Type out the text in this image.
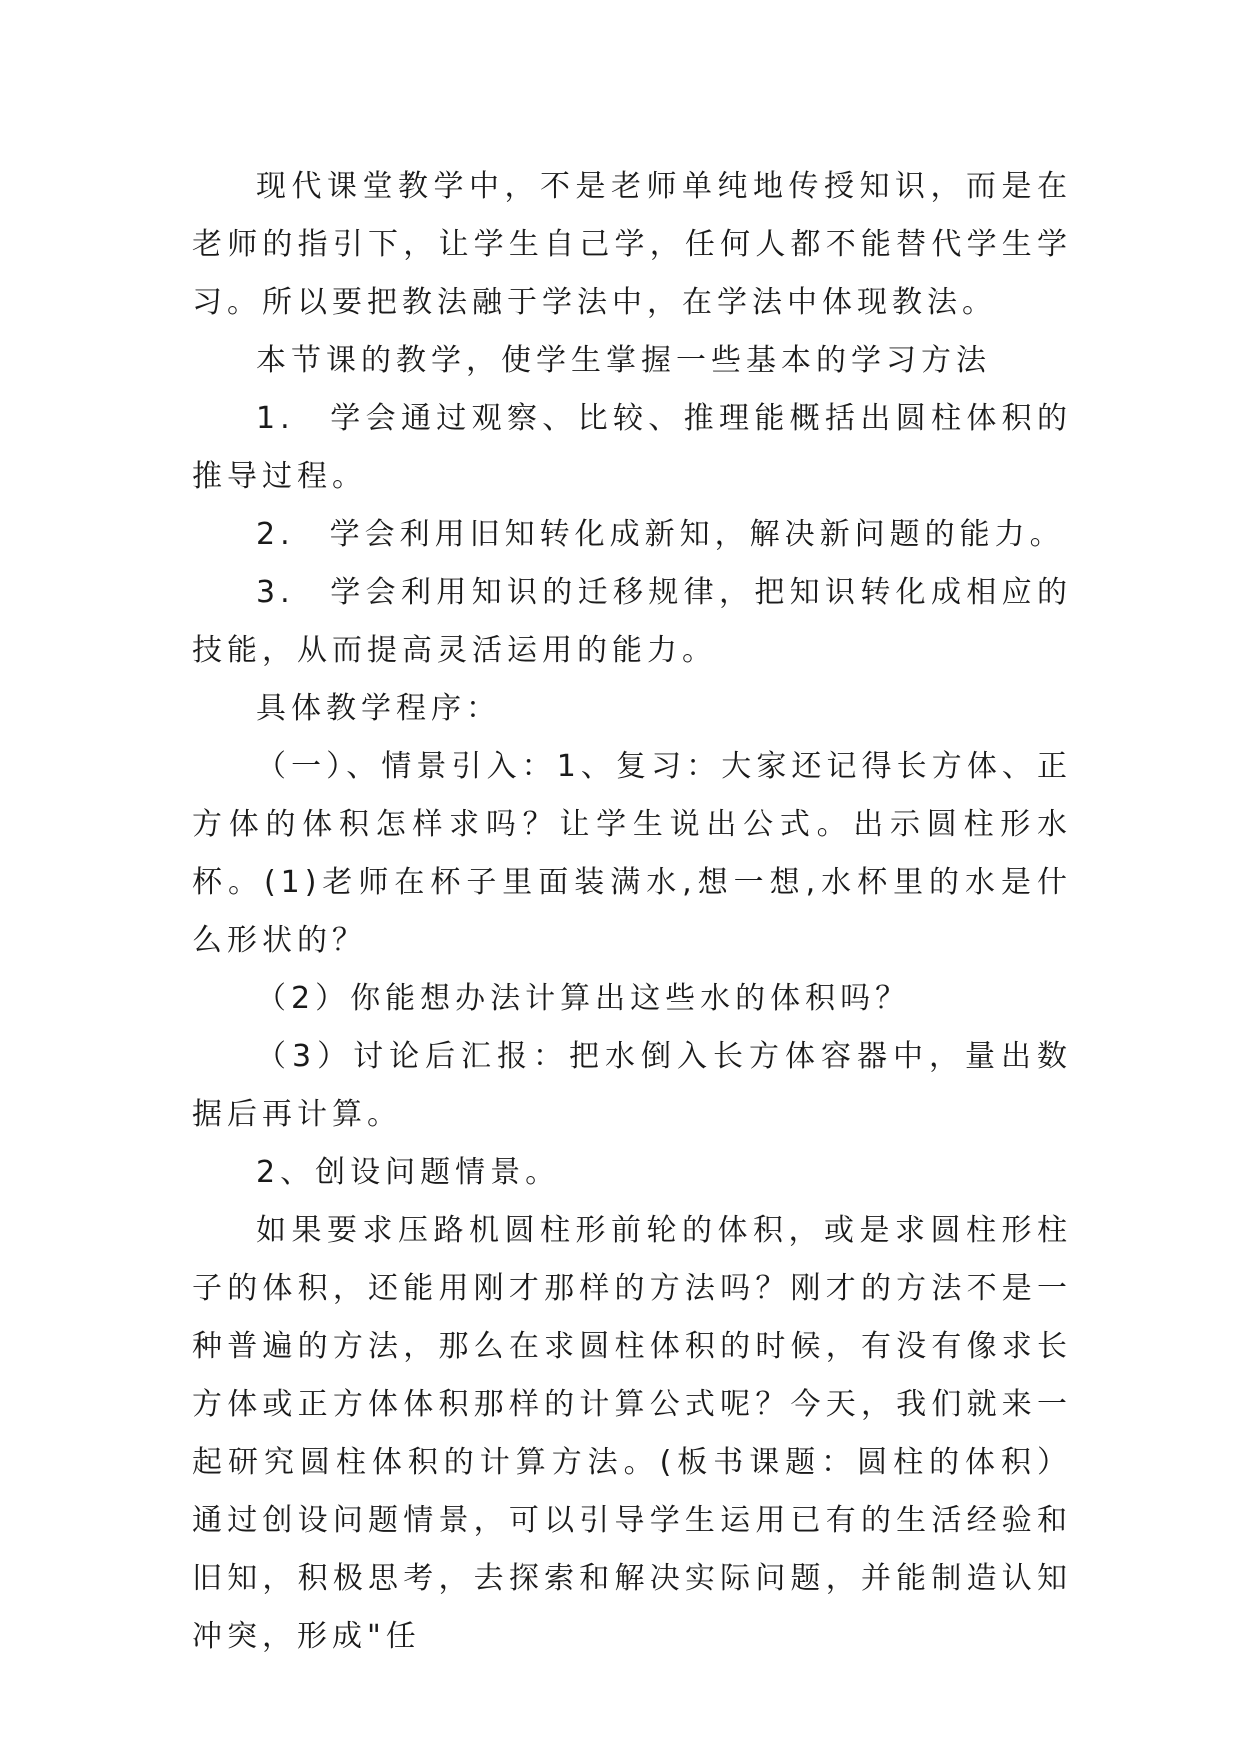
现代课堂教学中，不是老师单纯地传授知识，而是在老师的指引下，让学生自己学，任何人都不能替代学生学习。所以要把教法融于学法中，在学法中体现教法。

本节课的教学，使学生掌握一些基本的学习方法

1.　学会通过观察、比较、推理能概括出圆柱体积的推导过程。

2.　学会利用旧知转化成新知，解决新问题的能力。

3.　学会利用知识的迁移规律，把知识转化成相应的技能，从而提高灵活运用的能力。

具体教学程序：

（一）、情景引入：1、复习：大家还记得长方体、正方体的体积怎样求吗？让学生说出公式。出示圆柱形水杯。(1)老师在杯子里面装满水,想一想,水杯里的水是什么形状的？

（2）你能想办法计算出这些水的体积吗？

（3）讨论后汇报：把水倒入长方体容器中，量出数据后再计算。

2、创设问题情景。

如果要求压路机圆柱形前轮的体积，或是求圆柱形柱子的体积，还能用刚才那样的方法吗？刚才的方法不是一种普遍的方法，那么在求圆柱体积的时候，有没有像求长方体或正方体体积那样的计算公式呢？今天，我们就来一起研究圆柱体积的计算方法。(板书课题：圆柱的体积）通过创设问题情景，可以引导学生运用已有的生活经验和旧知，积极思考，去探索和解决实际问题，并能制造认知冲突，形成"任
